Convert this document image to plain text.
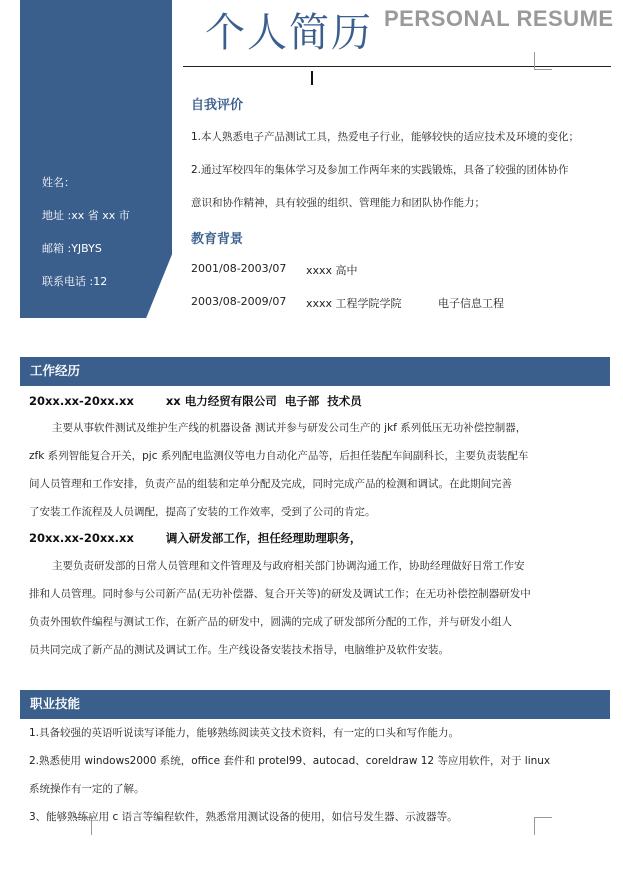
姓名：
地址 :xx 省 xx 市
邮箱 :YJBYS
联系电话 :12
个人简历 PERSONAL RESUME
自我评价
1.本人熟悉电子产品测试工具，热爱电子行业，能够较快的适应技术及环境的变化；
2.通过军校四年的集体学习及参加工作两年来的实践锻炼，具备了较强的团体协作
意识和协作精神，具有较强的组织、管理能力和团队协作能力；
教育背景
2001/08-2003/07 xxxx 高中
2003/08-2009/07 xxxx 工程学院学院	电子信息工程
工作经历
20xx.xx-20xx.xx        xx 电力经贸有限公司  电子部  技术员
主要从事软件测试及维护生产线的机器设备 测试并参与研发公司生产的 jkf 系列低压无功补偿控制器，
zfk 系列智能复合开关，pjc 系列配电监测仪等电力自动化产品等，后担任装配车间副科长，主要负责装配车
间人员管理和工作安排，负责产品的组装和定单分配及完成，同时完成产品的检测和调试。在此期间完善
了安装工作流程及人员调配，提高了安装的工作效率，受到了公司的肯定。
20xx.xx-20xx.xx        调入研发部工作，担任经理助理职务，
主要负责研发部的日常人员管理和文件管理及与政府相关部门协调沟通工作，协助经理做好日常工作安
排和人员管理。同时参与公司新产品(无功补偿器、复合开关等)的研发及调试工作；在无功补偿控制器研发中
负责外围软件编程与测试工作，在新产品的研发中，圆满的完成了研发部所分配的工作，并与研发小组人
员共同完成了新产品的测试及调试工作。生产线设备安装技术指导，电脑维护及软件安装。
职业技能
1.具备较强的英语听说读写译能力，能够熟练阅读英文技术资料，有一定的口头和写作能力。
2.熟悉使用 windows2000 系统，office 套件和 protel99、autocad、coreldraw 12 等应用软件，对于 linux
系统操作有一定的了解。
3、能够熟练应用 c 语言等编程软件，熟悉常用测试设备的使用，如信号发生器、示波器等。
